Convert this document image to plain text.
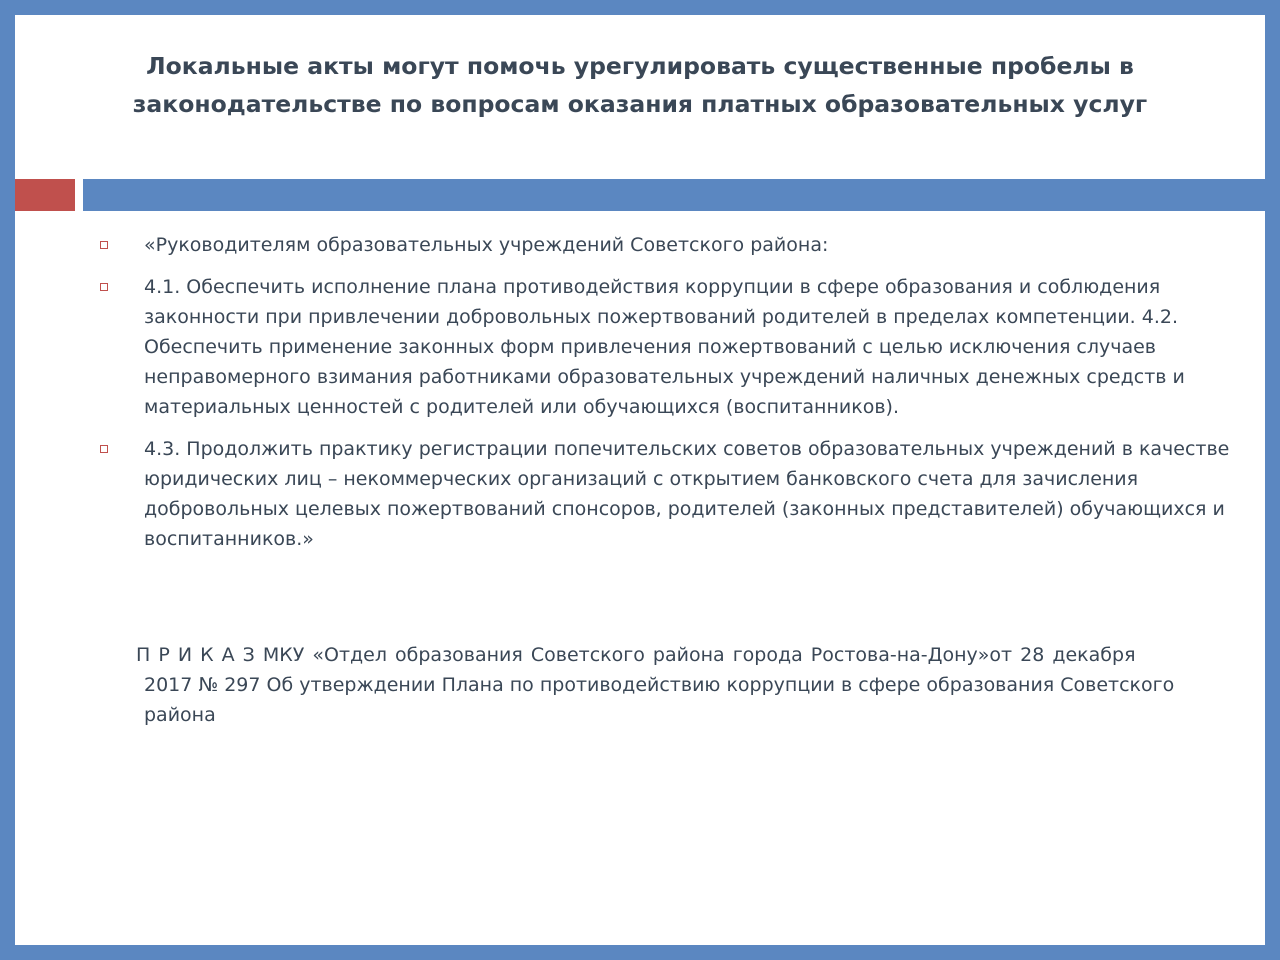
Локальные акты могут помочь урегулировать существенные пробелы в законодательстве по вопросам оказания платных образовательных услуг
«Руководителям образовательных учреждений Советского района:
4.1. Обеспечить исполнение плана противодействия коррупции в сфере образования и соблюдения законности при привлечении добровольных пожертвований родителей в пределах компетенции. 4.2. Обеспечить применение законных форм привлечения пожертвований с целью исключения случаев неправомерного взимания работниками образовательных учреждений наличных денежных средств и материальных ценностей с родителей или обучающихся (воспитанников).
4.3. Продолжить практику регистрации попечительских советов образовательных учреждений в качестве юридических лиц – некоммерческих организаций с открытием банковского счета для зачисления добровольных целевых пожертвований спонсоров, родителей (законных представителей) обучающихся и воспитанников.»

П Р И К А З МКУ «Отдел образования Советского района города Ростова-на-Дону»от 28 декабря
2017 № 297 Об утверждении Плана по противодействию коррупции в сфере образования Советского района
